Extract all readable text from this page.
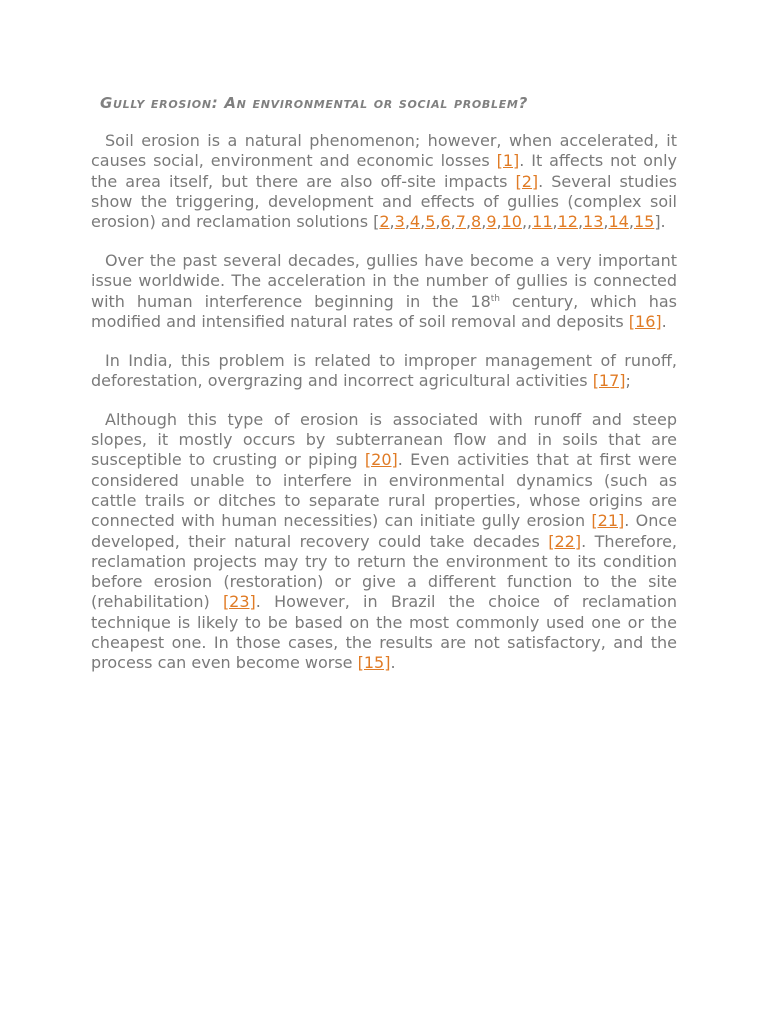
Gully erosion: An environmental or social problem?

Soil erosion is a natural phenomenon; however, when accelerated, it causes social, environment and economic losses [1]. It affects not only the area itself, but there are also off-site impacts [2]. Several studies show the triggering, development and effects of gullies (complex soil erosion) and reclamation solutions [2,3,4,5,6,7,8,9,10,,11,12,13,14,15].

Over the past several decades, gullies have become a very important issue worldwide. The acceleration in the number of gullies is connected with human interference beginning in the 18th century, which has modified and intensified natural rates of soil removal and deposits [16].

In India, this problem is related to improper management of runoff, deforestation, overgrazing and incorrect agricultural activities [17];

Although this type of erosion is associated with runoff and steep slopes, it mostly occurs by subterranean flow and in soils that are susceptible to crusting or piping [20]. Even activities that at first were considered unable to interfere in environmental dynamics (such as cattle trails or ditches to separate rural properties, whose origins are connected with human necessities) can initiate gully erosion [21]. Once developed, their natural recovery could take decades [22]. Therefore, reclamation projects may try to return the environment to its condition before erosion (restoration) or give a different function to the site (rehabilitation) [23]. However, in Brazil the choice of reclamation technique is likely to be based on the most commonly used one or the cheapest one. In those cases, the results are not satisfactory, and the process can even become worse [15].
